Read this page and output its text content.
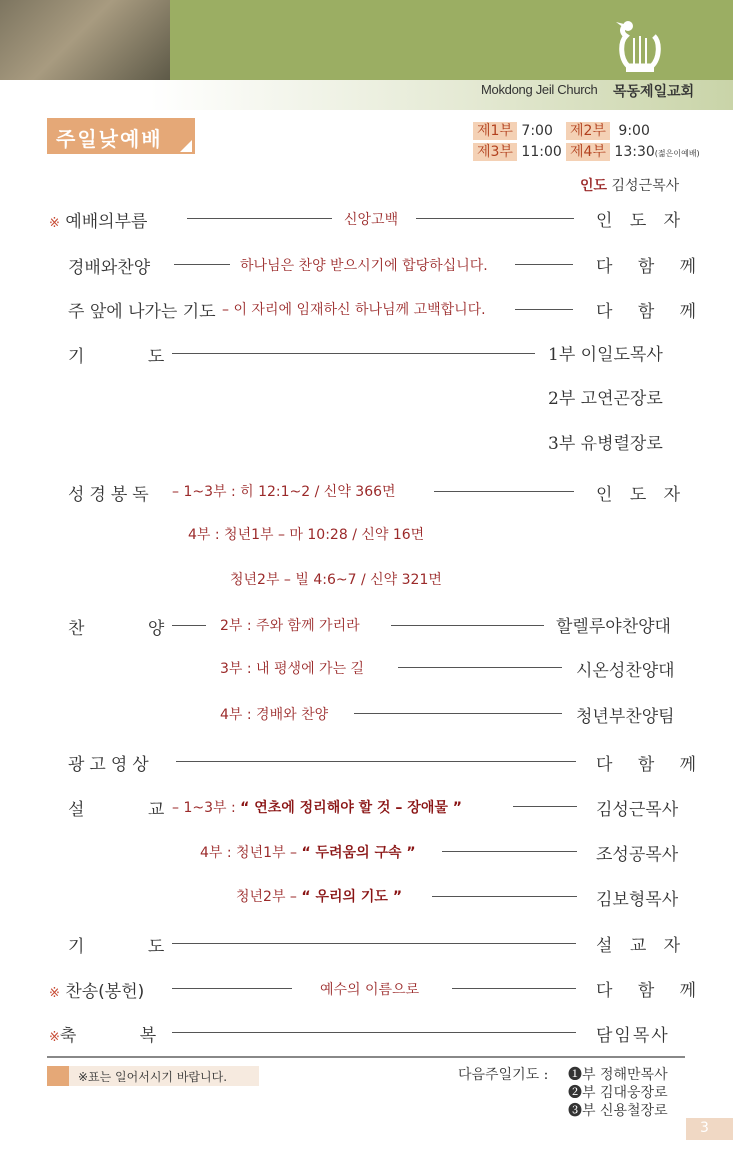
Mokdong Jeil Church 목동제일교회
주일낮예배	제1부 7:00 제2부 9:00
제3부 11:00 제4부 13:30(젊은이예배)
인도 김성근목사
※ 예배의부름	신앙고백	인 도 자
경배와찬양	하나님은 찬양 받으시기에 합당하십니다.	다 함 께
주 앞에 나가는 기도 – 이 자리에 임재하신 하나님께 고백합니다.	다 함 께
기 도	1부 이일도목사
2부 고연곤장로
3부 유병렬장로
성경봉독 – 1~3부 : 히 12:1~2 / 신약 366면	인 도 자
4부 : 청년1부 – 마 10:28 / 신약 16면
청년2부 – 빌 4:6~7 / 신약 321면
찬 양	2부 : 주와 함께 가리라	할렐루야찬양대
3부 : 내 평생에 가는 길	시온성찬양대
4부 : 경배와 찬양	청년부찬양팀
광고영상	다 함 께
설 교 – 1~3부 : “ 연초에 정리해야 할 것 – 장애물 ”	김성근목사
4부 : 청년1부 – “ 두려움의 구속 ”	조성공목사
청년2부 – “ 우리의 기도 ”	김보형목사
기 도	설 교 자
※ 찬송(봉헌)	예수의 이름으로	다 함 께
※축 복	담임목사
※표는 일어서시기 바랍니다.	다음주일기도 : ❶부 정해만목사
❷부 김대웅장로
❸부 신용철장로
3
